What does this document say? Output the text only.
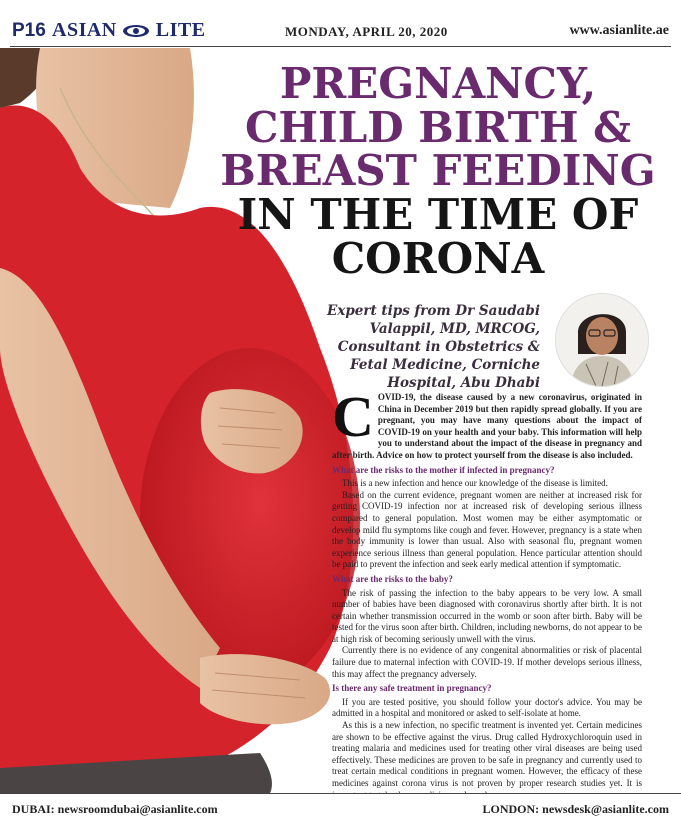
P16 ASIAN LITE	MONDAY, APRIL 20, 2020	www.asianlite.ae
PREGNANCY,
CHILD BIRTH &
BREAST FEEDING
IN THE TIME OF
CORONA
Expert tips from Dr Saudabi Valappil, MD, MRCOG, Consultant in Obstetrics & Fetal Medicine, Corniche Hospital, Abu Dhabi
C OVID-19, the disease caused by a new coronavirus, originated in China in December 2019 but then rapidly spread globally. If you are pregnant, you may have many questions about the impact of COVID-19 on your health and your baby. This information will help you to understand about the impact of the disease in pregnancy and after birth. Advice on how to protect yourself from the disease is also included.
What are the risks to the mother if infected in pregnancy?

This is a new infection and hence our knowledge of the disease is limited.

Based on the current evidence, pregnant women are neither at increased risk for getting COVID-19 infection nor at increased risk of developing serious illness compared to general population. Most women may be either asymptomatic or develop mild flu symptoms like cough and fever. However, pregnancy is a state when the body immunity is lower than usual. Also with seasonal flu, pregnant women experience serious illness than general population. Hence particular attention should be paid to prevent the infection and seek early medical attention if symptomatic.

What are the risks to the baby?

The risk of passing the infection to the baby appears to be very low. A small number of babies have been diagnosed with coronavirus shortly after birth. It is not certain whether transmission occurred in the womb or soon after birth. Baby will be tested for the virus soon after birth. Children, including newborns, do not appear to be at high risk of becoming seriously unwell with the virus.

Currently there is no evidence of any congenital abnormalities or risk of placental failure due to maternal infection with COVID-19. If mother develops serious illness, this may affect the pregnancy adversely.

Is there any safe treatment in pregnancy?

If you are tested positive, you should follow your doctor's advice. You may be admitted in a hospital and monitored or asked to self-isolate at home.

As this is a new infection, no specific treatment is invented yet. Certain medicines are shown to be effective against the virus. Drug called Hydroxychloroquin used in treating malaria and medicines used for treating other viral diseases are being used effectively. These medicines are proven to be safe in pregnancy and currently used to treat certain medical conditions in pregnant women. However, the efficacy of these medicines against corona virus is not proven by proper research studies yet. It is

DUBAI: newsroomdubai@asianlite.com	LONDON: newsdesk@asianlite.com
